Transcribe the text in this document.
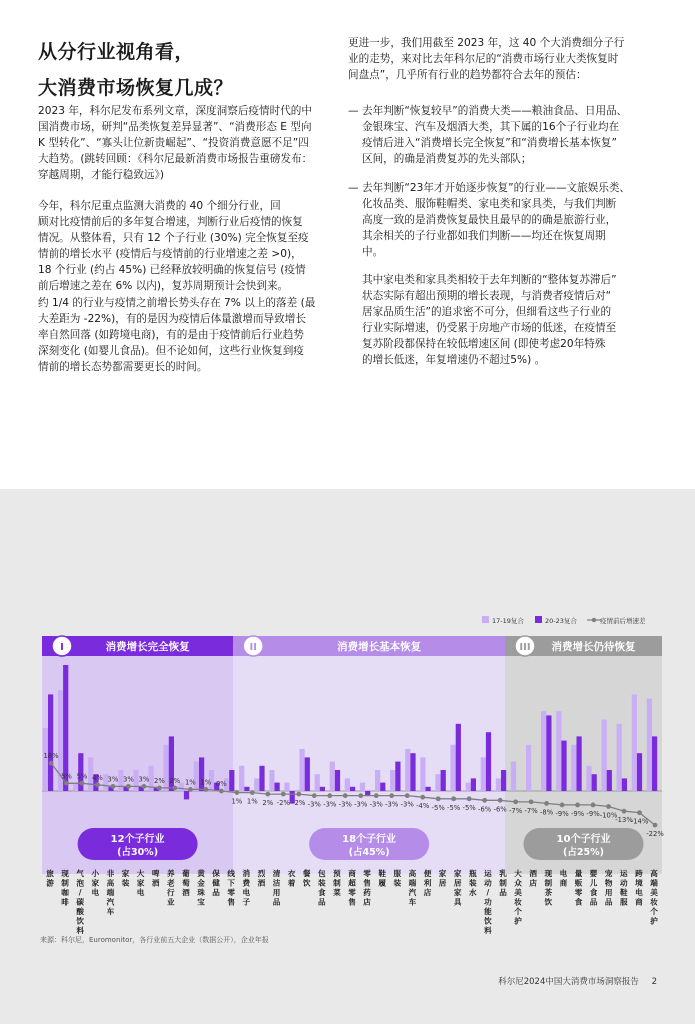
从分行业视角看，
大消费市场恢复几成？
2023 年，科尔尼发布系列文章，深度洞察后疫情时代的中
国消费市场，研判“品类恢复差异显著”、“消费形态 E 型向
K 型转化”、“寡头让位新贵崛起”、“投资消费意愿不足”四
大趋势。(跳转回顾：《科尔尼最新消费市场报告重磅发布：
穿越周期，才能行稳致远》)
今年，科尔尼重点监测大消费的 40 个细分行业，回
顾对比疫情前后的多年复合增速，判断行业后疫情的恢复
情况。从整体看，只有 12 个子行业 (30%) 完全恢复至疫
情前的增长水平 (疫情后与疫情前的行业增速之差 >0)，
18 个行业 (约占 45%) 已经释放较明确的恢复信号 (疫情
前后增速之差在 6% 以内)，复苏周期预计会快到来。
约 1/4 的行业与疫情之前增长势头存在 7% 以上的落差 (最
大差距为 -22%)，有的是因为疫情后体量激增而导致增长
率自然回落 (如跨境电商)，有的是由于疫情前后行业趋势
深刻变化 (如婴儿食品)。但不论如何，这些行业恢复到疫
情前的增长态势都需要更长的时间。
更进一步，我们用截至 2023 年，这 40 个大消费细分子行
业的走势，来对比去年科尔尼的“消费市场行业大类恢复时
间盘点”，几乎所有行业的趋势都符合去年的预估：
— 去年判断“恢复较早”的消费大类——粮油食品、日用品、
金银珠宝、汽车及烟酒大类，其下属的16个子行业均在
疫情后进入“消费增长完全恢复”和“消费增长基本恢复”
区间，的确是消费复苏的先头部队；
— 去年判断“23年才开始逐步恢复”的行业——文旅娱乐类、
化妆品类、服饰鞋帽类、家电类和家具类，与我们判断
高度一致的是消费恢复最快且最早的的确是旅游行业，
其余相关的子行业都如我们判断——均还在恢复周期
中。
其中家电类和家具类相较于去年判断的“整体复苏滞后”
状态实际有超出预期的增长表现，与消费者疫情后对“
居家品质生活”的追求密不可分，但细看这些子行业的
行业实际增速，仍受累于房地产市场的低迷，在疫情至
复苏阶段都保持在较低增速区间 (即使考虑20年特殊
的增长低迷，年复增速仍不超过5%) 。
I	消费增长完全恢复
12个子行业
(占30%)
II	消费增长基本恢复
18个子行业
(占45%)
III 消费增长仍待恢复
10个子行业
(占25%)
17-19复合	20-23复合	疫情前后增速差
18%
5% 5% 4% 3% 3% 3% 2% 2% 1% 1% 0%
1% 1% 2% -2% -2% -3% -3% -3% -3% -3% -3% -3% -4% -5% -5% -5% -6% -6% -7% -7% -8% -9% -9% -9% -10%
-13%
-14%
-22%
旅游
现制咖啡
气泡/碳酸饮料
小家电
非高端汽车
家装
大家电
啤酒
养老行业
葡萄酒
黄金珠宝
保健品
线下零售
消费电子
烈酒
清洁用品
衣着
餐饮
包装食品
预制菜
商超零售
零售药店
鞋履
服装
高端汽车
便利店
家居
家居家具
瓶装水
运动/功能饮料
乳制品
大众美妆个护
酒店
现制茶饮
电商
量贩零食
婴儿食品
宠物用品
运动鞋服
跨境电商
高端美妆个护
来源：科尔尼，Euromonitor，各行业前五大企业（数据公开），企业年报
科尔尼2024中国大消费市场洞察报告 2
